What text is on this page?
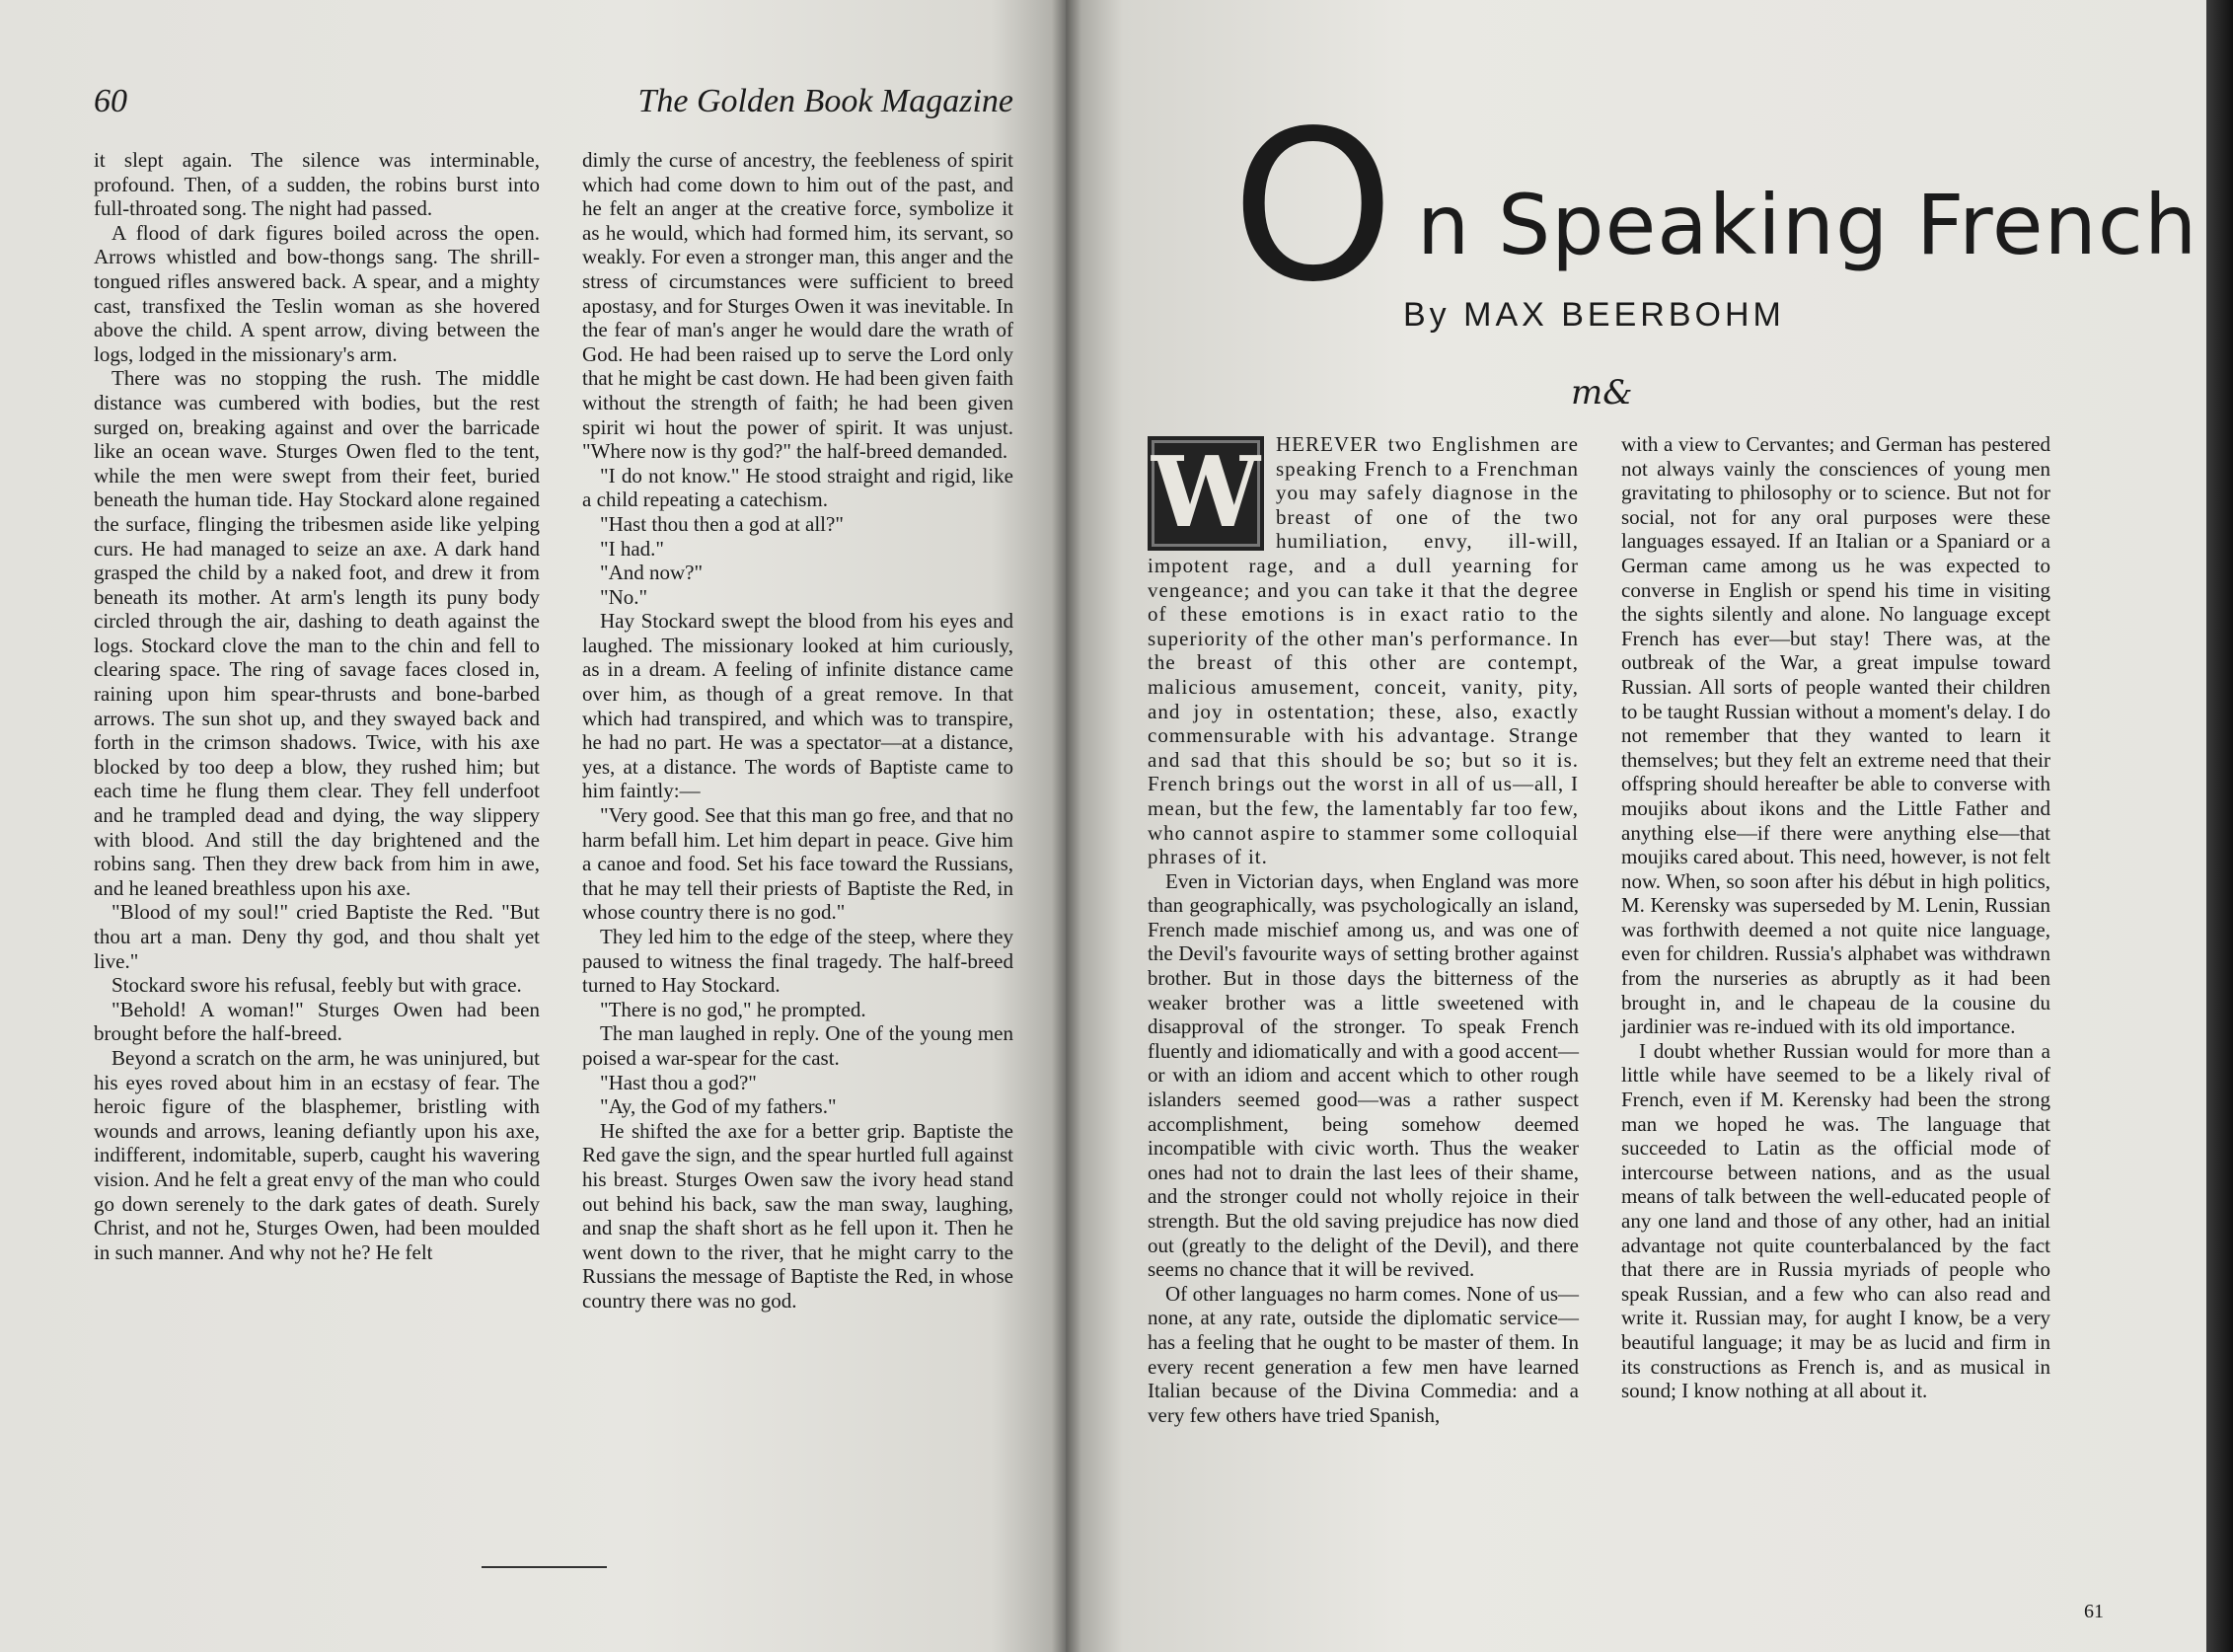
60	The Golden Book Magazine

it slept again. The silence was interminable, profound. Then, of a sudden, the robins burst into full-throated song. The night had passed.

A flood of dark figures boiled across the open. Arrows whistled and bow-thongs sang. The shrill-tongued rifles answered back. A spear, and a mighty cast, transfixed the Teslin woman as she hovered above the child. A spent arrow, diving between the logs, lodged in the missionary's arm.

There was no stopping the rush. The middle distance was cumbered with bodies, but the rest surged on, breaking against and over the barricade like an ocean wave. Sturges Owen fled to the tent, while the men were swept from their feet, buried beneath the human tide. Hay Stockard alone regained the surface, flinging the tribesmen aside like yelping curs. He had managed to seize an axe. A dark hand grasped the child by a naked foot, and drew it from beneath its mother. At arm's length its puny body circled through the air, dashing to death against the logs. Stockard clove the man to the chin and fell to clearing space. The ring of savage faces closed in, raining upon him spear-thrusts and bone-barbed arrows. The sun shot up, and they swayed back and forth in the crimson shadows. Twice, with his axe blocked by too deep a blow, they rushed him; but each time he flung them clear. They fell underfoot and he trampled dead and dying, the way slippery with blood. And still the day brightened and the robins sang. Then they drew back from him in awe, and he leaned breathless upon his axe.

"Blood of my soul!" cried Baptiste the Red. "But thou art a man. Deny thy god, and thou shalt yet live."

Stockard swore his refusal, feebly but with grace.

"Behold! A woman!" Sturges Owen had been brought before the half-breed.

Beyond a scratch on the arm, he was uninjured, but his eyes roved about him in an ecstasy of fear. The heroic figure of the blasphemer, bristling with wounds and arrows, leaning defiantly upon his axe, indifferent, indomitable, superb, caught his wavering vision. And he felt a great envy of the man who could go down serenely to the dark gates of death. Surely Christ, and not he, Sturges Owen, had been moulded in such manner. And why not he? He felt

dimly the curse of ancestry, the feebleness of spirit which had come down to him out of the past, and he felt an anger at the creative force, symbolize it as he would, which had formed him, its servant, so weakly. For even a stronger man, this anger and the stress of circumstances were sufficient to breed apostasy, and for Sturges Owen it was inevitable. In the fear of man's anger he would dare the wrath of God. He had been raised up to serve the Lord only that he might be cast down. He had been given faith without the strength of faith; he had been given spirit wi hout the power of spirit. It was unjust. "Where now is thy god?" the half-breed demanded.

"I do not know." He stood straight and rigid, like a child repeating a catechism.

"Hast thou then a god at all?"

"I had."

"And now?"

"No."

Hay Stockard swept the blood from his eyes and laughed. The missionary looked at him curiously, as in a dream. A feeling of infinite distance came over him, as though of a great remove. In that which had transpired, and which was to transpire, he had no part. He was a spectator—at a distance, yes, at a distance. The words of Baptiste came to him faintly:—

"Very good. See that this man go free, and that no harm befall him. Let him depart in peace. Give him a canoe and food. Set his face toward the Russians, that he may tell their priests of Baptiste the Red, in whose country there is no god."

They led him to the edge of the steep, where they paused to witness the final tragedy. The half-breed turned to Hay Stockard.

"There is no god," he prompted.

The man laughed in reply. One of the young men poised a war-spear for the cast.

"Hast thou a god?"

"Ay, the God of my fathers."

He shifted the axe for a better grip. Baptiste the Red gave the sign, and the spear hurtled full against his breast. Sturges Owen saw the ivory head stand out behind his back, saw the man sway, laughing, and snap the shaft short as he fell upon it. Then he went down to the river, that he might carry to the Russians the message of Baptiste the Red, in whose country there was no god.

O n Speaking French
By MAX BEERBOHM
m&
W HEREVER two Englishmen are speaking French to a Frenchman you may safely diagnose in the breast of one of the two humiliation, envy, ill-will, impotent rage, and a dull yearning for vengeance; and you can take it that the degree of these emotions is in exact ratio to the superiority of the other man's performance. In the breast of this other are contempt, malicious amusement, conceit, vanity, pity, and joy in ostentation; these, also, exactly commensurable with his advantage. Strange and sad that this should be so; but so it is. French brings out the worst in all of us—all, I mean, but the few, the lamentably far too few, who cannot aspire to stammer some colloquial phrases of it.

Even in Victorian days, when England was more than geographically, was psychologically an island, French made mischief among us, and was one of the Devil's favourite ways of setting brother against brother. But in those days the bitterness of the weaker brother was a little sweetened with disapproval of the stronger. To speak French fluently and idiomatically and with a good accent—or with an idiom and accent which to other rough islanders seemed good—was a rather suspect accomplishment, being somehow deemed incompatible with civic worth. Thus the weaker ones had not to drain the last lees of their shame, and the stronger could not wholly rejoice in their strength. But the old saving prejudice has now died out (greatly to the delight of the Devil), and there seems no chance that it will be revived.

Of other languages no harm comes. None of us—none, at any rate, outside the diplomatic service—has a feeling that he ought to be master of them. In every recent generation a few men have learned Italian because of the Divina Commedia: and a very few others have tried Spanish,

with a view to Cervantes; and German has pestered not always vainly the consciences of young men gravitating to philosophy or to science. But not for social, not for any oral purposes were these languages essayed. If an Italian or a Spaniard or a German came among us he was expected to converse in English or spend his time in visiting the sights silently and alone. No language except French has ever—but stay! There was, at the outbreak of the War, a great impulse toward Russian. All sorts of people wanted their children to be taught Russian without a moment's delay. I do not remember that they wanted to learn it themselves; but they felt an extreme need that their offspring should hereafter be able to converse with moujiks about ikons and the Little Father and anything else—if there were anything else—that moujiks cared about. This need, however, is not felt now. When, so soon after his début in high politics, M. Kerensky was superseded by M. Lenin, Russian was forthwith deemed a not quite nice language, even for children. Russia's alphabet was withdrawn from the nurseries as abruptly as it had been brought in, and le chapeau de la cousine du jardinier was re-indued with its old importance.

I doubt whether Russian would for more than a little while have seemed to be a likely rival of French, even if M. Kerensky had been the strong man we hoped he was. The language that succeeded to Latin as the official mode of intercourse between nations, and as the usual means of talk between the well-educated people of any one land and those of any other, had an initial advantage not quite counterbalanced by the fact that there are in Russia myriads of people who speak Russian, and a few who can also read and write it. Russian may, for aught I know, be a very beautiful language; it may be as lucid and firm in its constructions as French is, and as musical in sound; I know nothing at all about it.

61
